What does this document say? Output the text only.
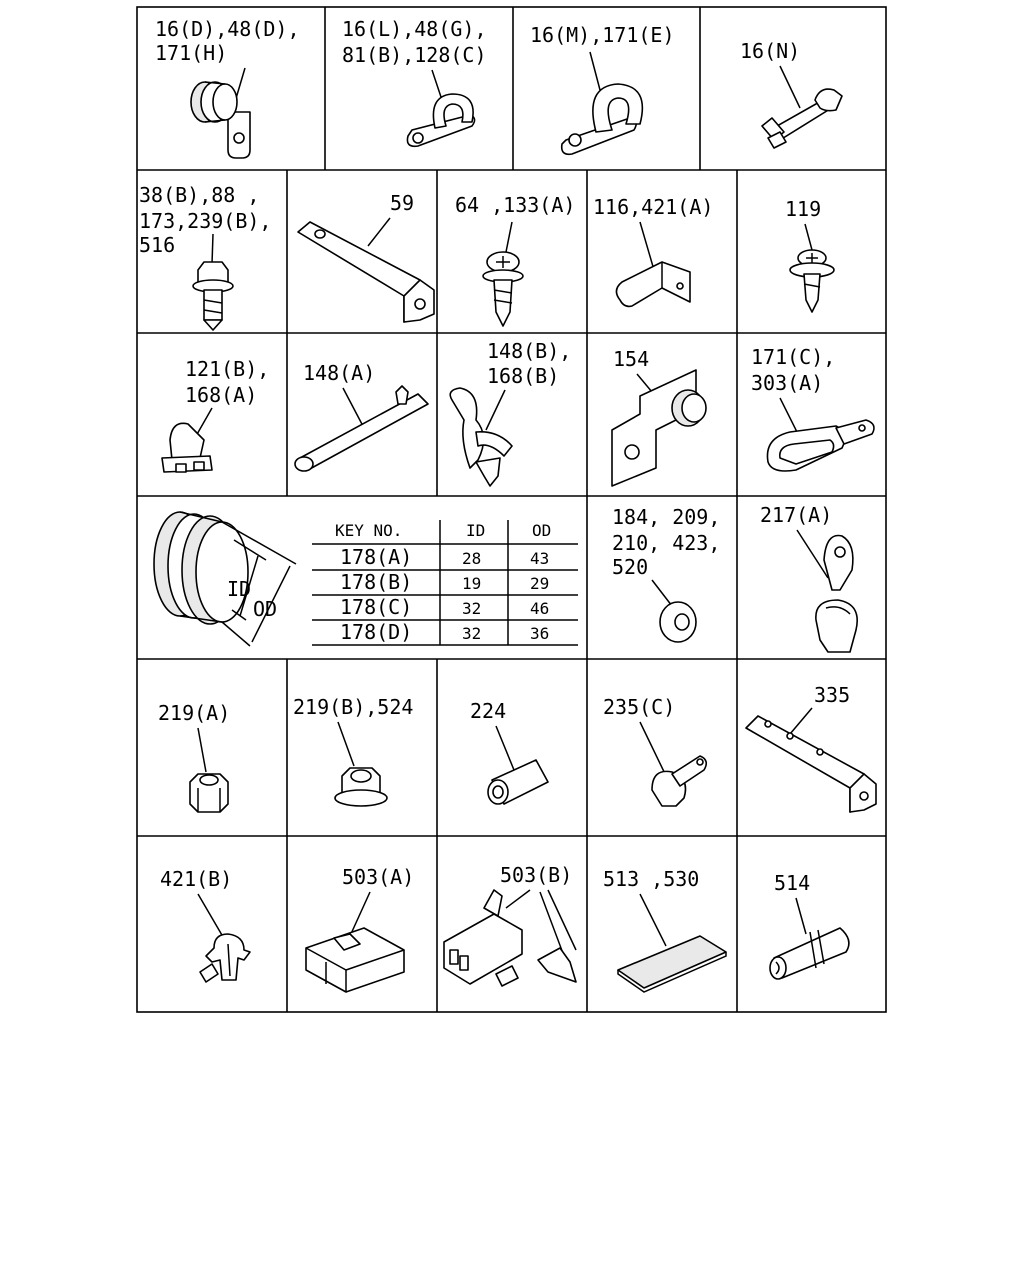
16(D),48(D),
171(H)
16(L),48(G),
81(B),128(C)
16(M),171(E)
16(N)
38(B),88 ,
173,239(B),
516
59 64 ,133(A) 116,421(A)	119
121(B),
168(A)
148(A)
148(B),
168(B)
154	171(C),
303(A)
ID
OD
KEY NO.	ID	OD
178(A)	28	43
178(B)	19	29
178(C)	32	46
178(D)	32	36
184, 209,
210, 423,
520
217(A)
219(A)	219(B),524	224	235(C)	335
421(B)	503(A)	503(B) 513 ,530	514
